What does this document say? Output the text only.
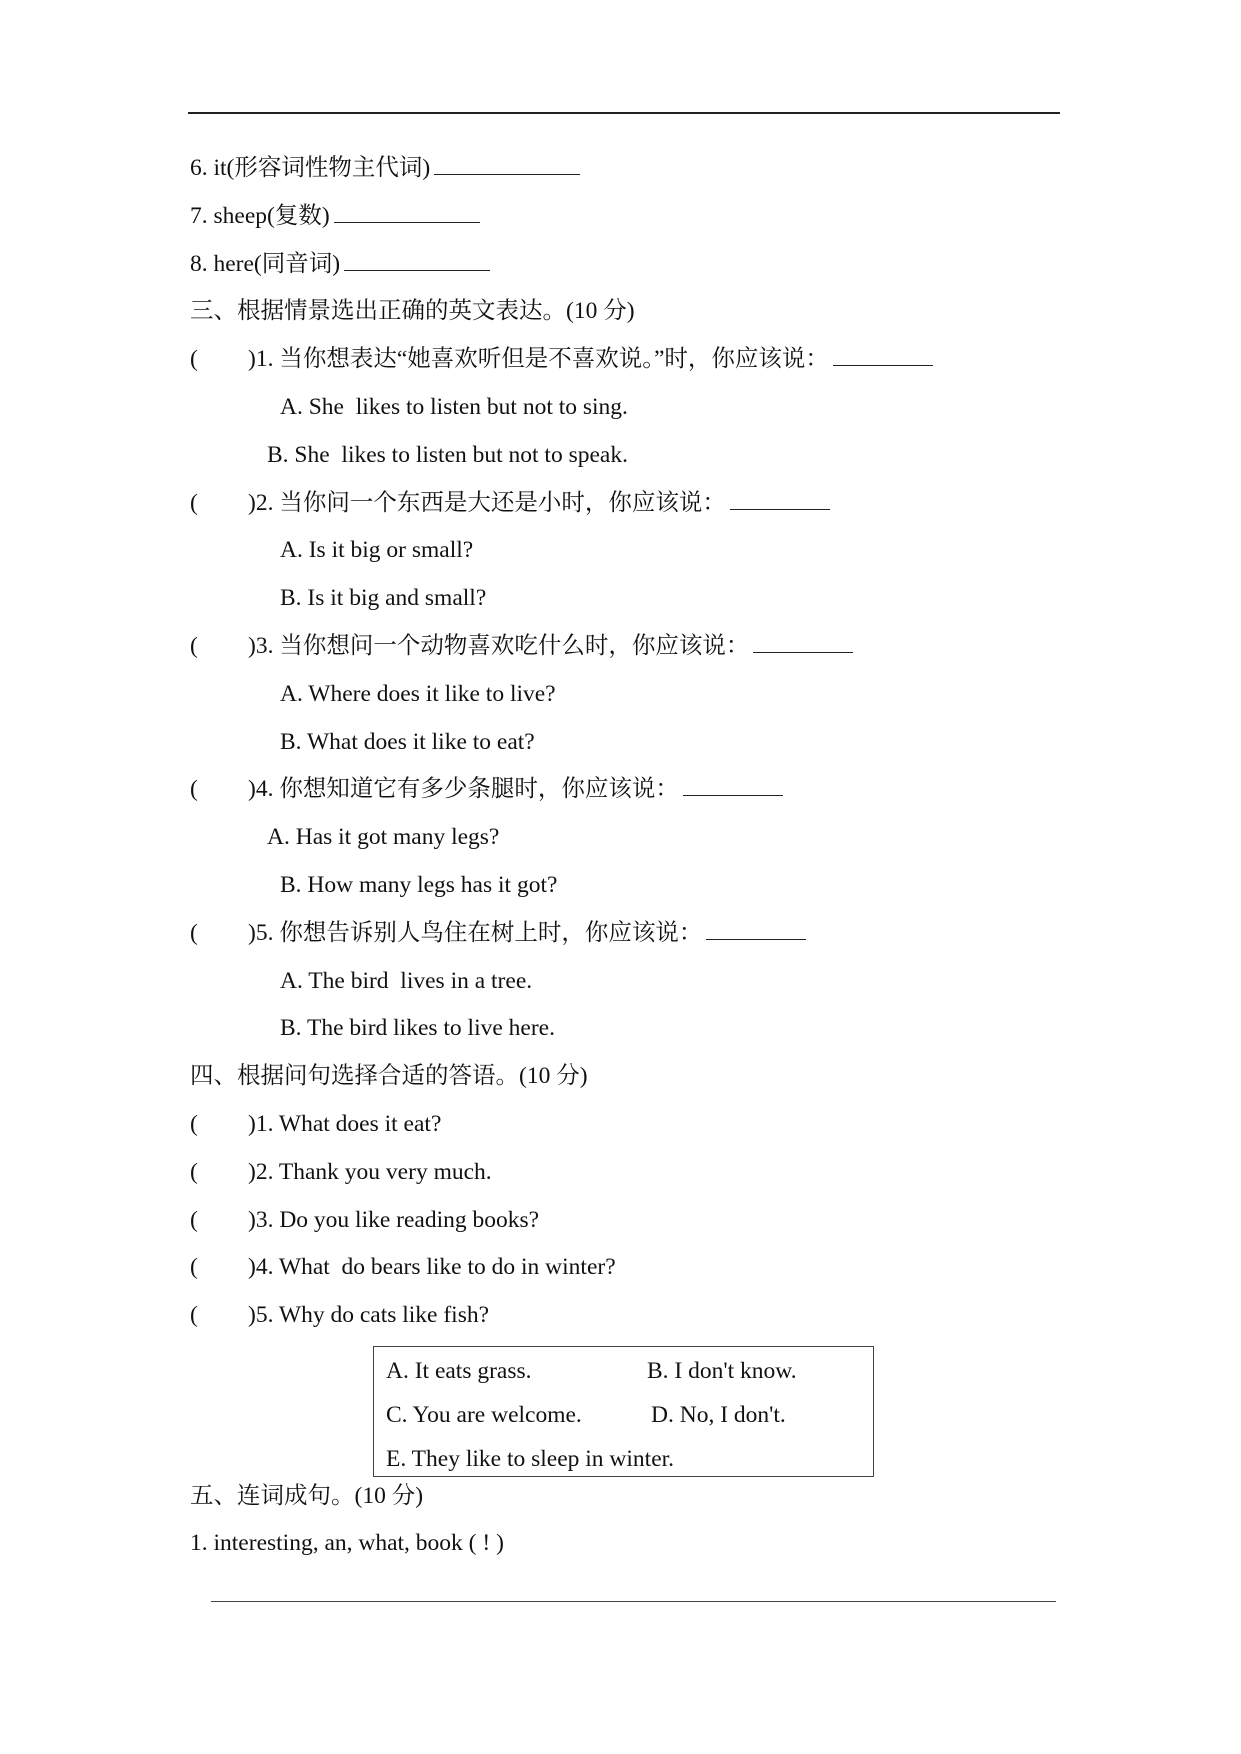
6. it(形容词性物主代词)
7. sheep(复数)
8. here(同音词)
三、根据情景选出正确的英文表达。(10 分)
( )1. 当你想表达“她喜欢听但是不喜欢说。”时，你应该说：
A. She  likes to listen but not to sing.
B. She  likes to listen but not to speak.
( )2. 当你问一个东西是大还是小时，你应该说：
A. Is it big or small?
B. Is it big and small?
( )3. 当你想问一个动物喜欢吃什么时，你应该说：
A. Where does it like to live?
B. What does it like to eat?
( )4. 你想知道它有多少条腿时，你应该说：
A. Has it got many legs?
B. How many legs has it got?
( )5. 你想告诉别人鸟住在树上时，你应该说：
A. The bird  lives in a tree.
B. The bird likes to live here.
四、根据问句选择合适的答语。(10 分)
( )1. What does it eat?
( )2. Thank you very much.
( )3. Do you like reading books?
( )4. What  do bears like to do in winter?
( )5. Why do cats like fish?
A. It eats grass.	B. I don't know.
C. You are welcome.	D. No, I don't.
E. They like to sleep in winter.
五、连词成句。(10 分)
1. interesting, an, what, book ( ! )
